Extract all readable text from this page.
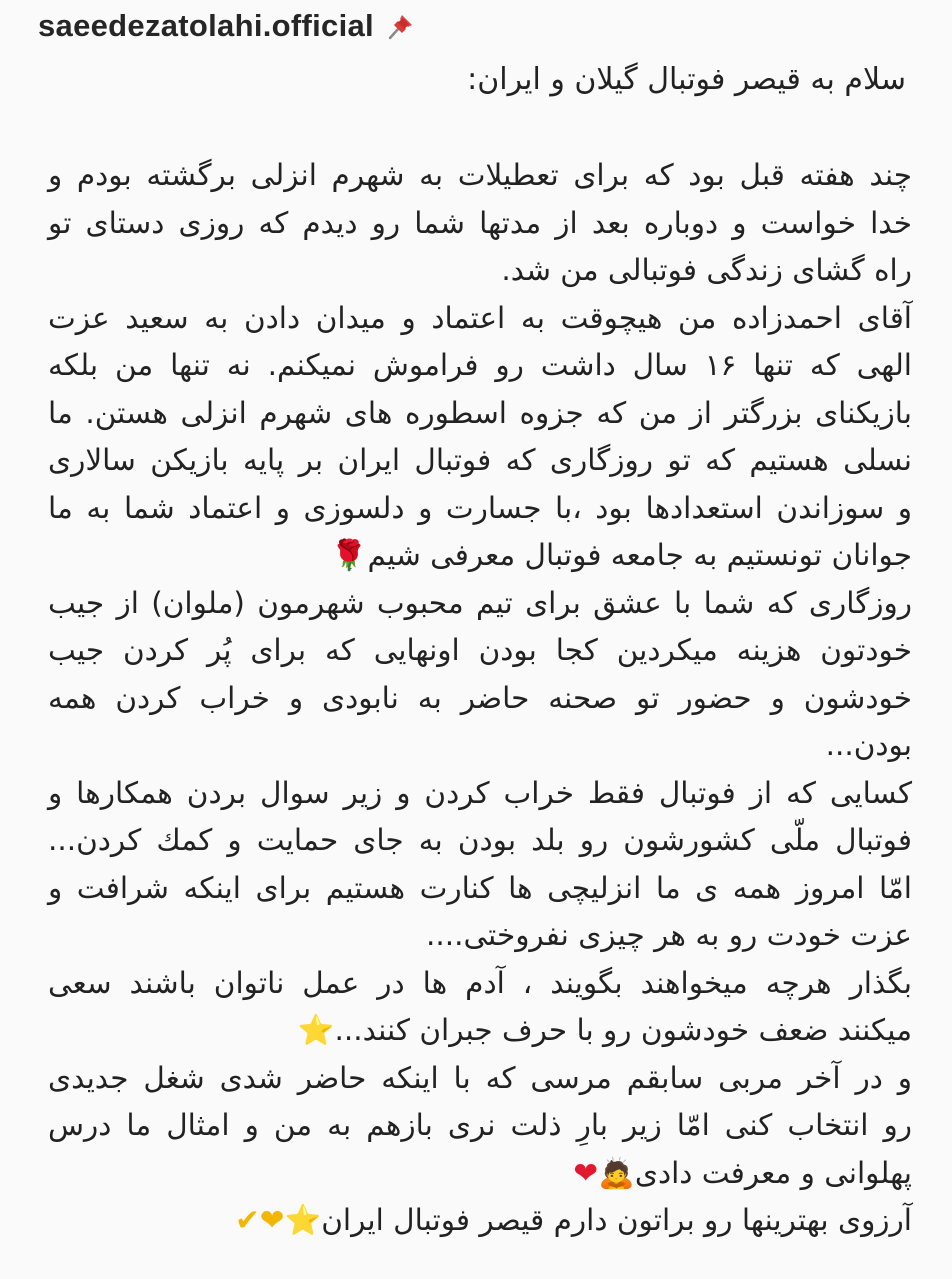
saeedezatolahi.official
سلام به قیصر فوتبال گیلان و ایران:
چند هفته قبل بود که برای تعطیلات به شهرم انزلی برگشته بودم و
خدا خواست و دوباره بعد از مدتها شما رو دیدم که روزی دستای تو
راه گشای زندگی فوتبالی من شد.
آقای احمدزاده من هیچوقت به اعتماد و میدان دادن به سعید عزت
الهی که تنها ۱۶ سال داشت رو فراموش نمیکنم. نه تنها من بلکه
بازیکنای بزرگتر از من که جزوه اسطوره های شهرم انزلی هستن. ما
نسلی هستیم که تو روزگاری که فوتبال ایران بر پایه بازیکن سالاری
و سوزاندن استعدادها بود ،با جسارت و دلسوزی و اعتماد شما به ما
جوانان تونستیم به جامعه فوتبال معرفی شیم🌹
روزگاری که شما با عشق برای تیم محبوب شهرمون (ملوان) از جیب
خودتون هزینه میکردین کجا بودن اونهایی که برای پُر کردن جیب
خودشون و حضور تو صحنه حاضر به نابودی و خراب کردن همه
بودن...
کسایی که از فوتبال فقط خراب کردن و زیر سوال بردن همکارها و
فوتبال ملّی کشورشون رو بلد بودن به جای حمایت و کمك کردن...
امّا امروز همه ی ما انزلیچی ها کنارت هستیم برای اینکه شرافت و
عزت خودت رو به هر چیزی نفروختی....
بگذار هرچه میخواهند بگویند ، آدم ها در عمل ناتوان باشند سعی
میکنند ضعف خودشون رو با حرف جبران کنند...⭐
و در آخر مربی سابقم مرسی که با اینکه حاضر شدی شغل جدیدی
رو انتخاب کنی امّا زیر بارِ ذلت نری بازهم به من و امثال ما درس
پهلوانی و معرفت دادی🙇❤
آرزوی بهترینها رو براتون دارم قیصر فوتبال ایران⭐❤✔
